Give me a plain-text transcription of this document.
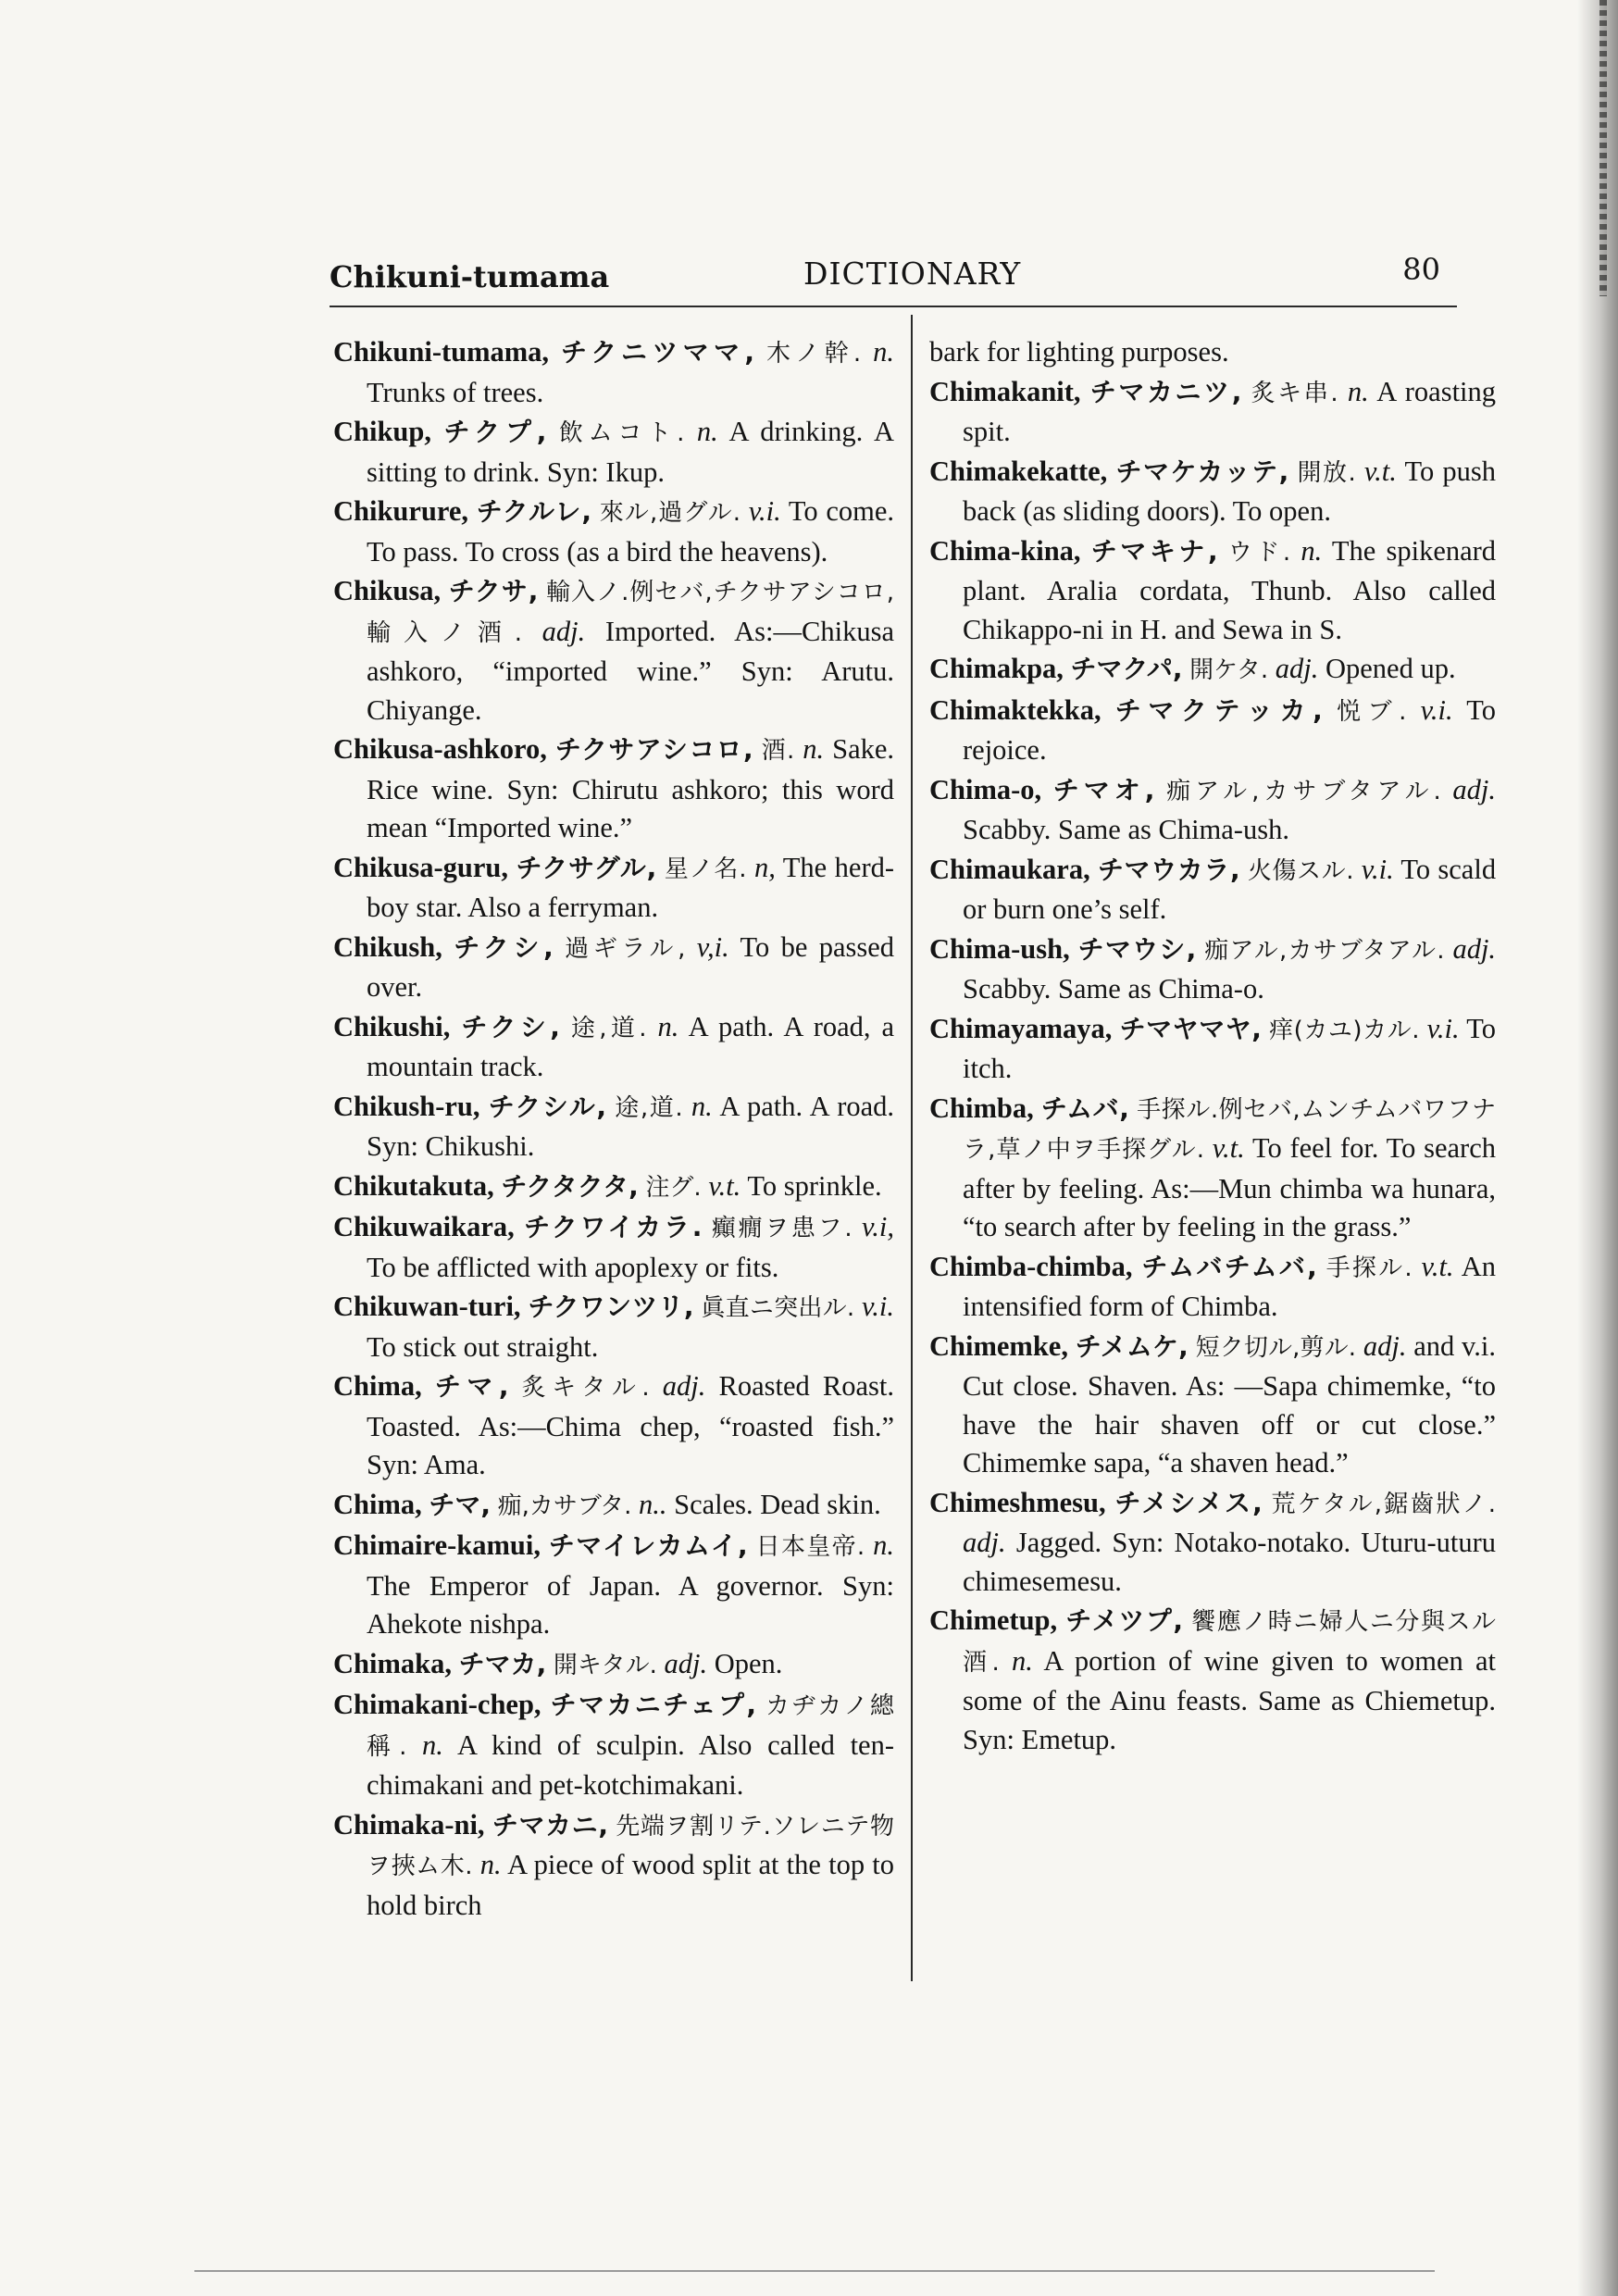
Chikuni-tumama	DICTIONARY	80

Chikuni-tumama, チクニツママ, 木ノ幹. n. Trunks of trees.

Chikup, チクプ, 飲ムコト. n. A drinking. A sitting to drink. Syn: Ikup.

Chikurure, チクルレ, 來ル,過グル. v.i. To come. To pass. To cross (as a bird the heavens).

Chikusa, チクサ, 輸入ノ.例セバ,チクサアシコロ,輸入ノ酒. adj. Imported. As:—Chikusa ashkoro, “imported wine.” Syn: Arutu. Chiyange.

Chikusa-ashkoro, チクサアシコロ, 酒. n. Sake. Rice wine. Syn: Chirutu ashkoro; this word mean “Imported wine.”

Chikusa-guru, チクサグル, 星ノ名. n, The herd-boy star. Also a ferryman.

Chikush, チクシ, 過ギラル, v,i. To be passed over.

Chikushi, チクシ, 途,道. n. A path. A road, a mountain track.

Chikush-ru, チクシル, 途,道. n. A path. A road. Syn: Chikushi.

Chikutakuta, チクタクタ, 注グ. v.t. To sprinkle.

Chikuwaikara, チクワイカラ. 癲癇ヲ患フ. v.i, To be afflicted with apoplexy or fits.

Chikuwan-turi, チクワンツリ, 眞直ニ突出ル. v.i. To stick out straight.

Chima, チマ, 炙キタル. adj. Roasted Roast. Toasted. As:—Chima chep, “roasted fish.” Syn: Ama.

Chima, チマ, 痂,カサブタ. n.. Scales. Dead skin.

Chimaire-kamui, チマイレカムイ, 日本皇帝. n. The Emperor of Japan. A governor. Syn: Ahekote nishpa.

Chimaka, チマカ, 開キタル. adj. Open.

Chimakani-chep, チマカニチェプ, カヂカノ總稱. n. A kind of sculpin. Also called ten-chimakani and pet-kotchimakani.

Chimaka-ni, チマカニ, 先端ヲ割リテ.ソレニテ物ヲ挾ム木. n. A piece of wood split at the top to hold birch

bark for lighting purposes.

Chimakanit, チマカニツ, 炙キ串. n. A roasting spit.

Chimakekatte, チマケカッテ, 開放. v.t. To push back (as sliding doors). To open.

Chima-kina, チマキナ, ウド. n. The spikenard plant. Aralia cordata, Thunb. Also called Chikappo-ni in H. and Sewa in S.

Chimakpa, チマクパ, 開ケタ. adj. Opened up.

Chimaktekka, チマクテッカ, 悦ブ. v.i. To rejoice.

Chima-o, チマオ, 痂アル,カサブタアル. adj. Scabby. Same as Chima-ush.

Chimaukara, チマウカラ, 火傷スル. v.i. To scald or burn one’s self.

Chima-ush, チマウシ, 痂アル,カサブタアル. adj. Scabby. Same as Chima-o.

Chimayamaya, チマヤマヤ, 痒(カユ)カル. v.i. To itch.

Chimba, チムバ, 手探ル.例セバ,ムンチムバワフナラ,草ノ中ヲ手探グル. v.t. To feel for. To search after by feeling. As:—Mun chimba wa hunara, “to search after by feeling in the grass.”

Chimba-chimba, チムバチムバ, 手探ル. v.t. An intensified form of Chimba.

Chimemke, チメムケ, 短ク切ル,剪ル. adj. and v.i. Cut close. Shaven. As: —Sapa chimemke, “to have the hair shaven off or cut close.” Chimemke sapa, “a shaven head.”

Chimeshmesu, チメシメス, 荒ケタル,鋸齒狀ノ. adj. Jagged. Syn: Notako-notako. Uturu-uturu chimesemesu.

Chimetup, チメツプ, 饗應ノ時ニ婦人ニ分與スル酒. n. A portion of wine given to women at some of the Ainu feasts. Same as Chiemetup. Syn: Emetup.
